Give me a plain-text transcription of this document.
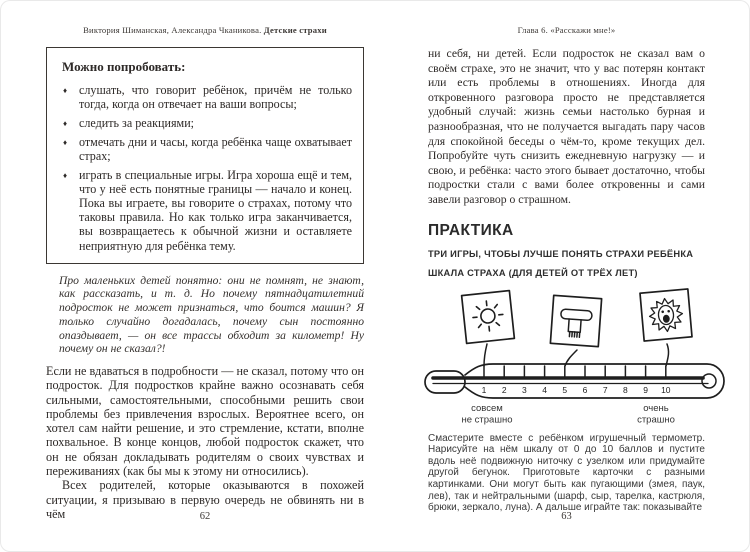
Виктория Шиманская, Александра Чканикова. Детские страхи
Можно попробовать:
♦ слушать, что говорит ребёнок, причём не только тогда, когда он отвечает на ваши вопросы;
♦ следить за реакциями;
♦ отмечать дни и часы, когда ребёнка чаще охватывает страх;
♦ играть в специальные игры. Игра хороша ещё и тем, что у неё есть понятные границы — начало и конец. Пока вы играете, вы говорите о страхах, потому что таковы правила. Но как только игра заканчивается, вы возвращаетесь к обычной жизни и оставляете неприятную для ребёнка тему.

Про маленьких детей понятно: они не помнят, не знают, как рассказать, и т. д. Но почему пятнадцатилетний подросток не может признаться, что боится машин? Я только случайно догадалась, почему сын постоянно опаздывает, — он все трассы обходит за километр! Ну почему он не сказал?!

Если не вдаваться в подробности — не сказал, потому что он подросток. Для подростков крайне важно осознавать себя сильными, самостоятельными, способными решить свои проблемы без привлечения взрослых. Вероятнее всего, он хотел сам найти решение, и это стремление, кстати, вполне похвальное. В конце концов, любой подросток скажет, что он не обязан докладывать родителям о своих чувствах и переживаниях (как бы мы к этому ни относились).

Всех родителей, которые оказываются в похожей ситуации, я призываю в первую очередь не обвинять ни в чём	62
Глава 6. «Расскажи мне!»

ни себя, ни детей. Если подросток не сказал вам о своём страхе, это не значит, что у вас потерян контакт или есть проблемы в отношениях. Иногда для откровенного разговора просто не представляется удобный случай: жизнь семьи настолько бурная и разнообразная, что не получается выгадать пару часов для спокойной беседы о чём-то, кроме текущих дел. Попробуйте чуть снизить ежедневную нагрузку — и свою, и ребёнка: часто этого бывает достаточно, чтобы подростки стали с вами более откровенны и сами завели разговор о страшном.

ПРАКТИКА
ТРИ ИГРЫ, ЧТОБЫ ЛУЧШЕ ПОНЯТЬ СТРАХИ РЕБЁНКА
ШКАЛА СТРАХА (ДЛЯ ДЕТЕЙ ОТ ТРЁХ ЛЕТ)
1 2 3 4 5 6 7 8 9 10
совсем
не страшно
очень
страшно

Смастерите вместе с ребёнком игрушечный термометр. Нарисуйте на нём шкалу от 0 до 10 баллов и пустите вдоль неё подвижную ниточку с узелком или придумайте другой бегунок. Приготовьте карточки с разными картинками. Они могут быть как пугающими (змея, паук, лев), так и нейтральными (шарф, сыр, тарелка, кастрюля, брюки, зеркало, луна). А дальше играйте так: показывайте

63
